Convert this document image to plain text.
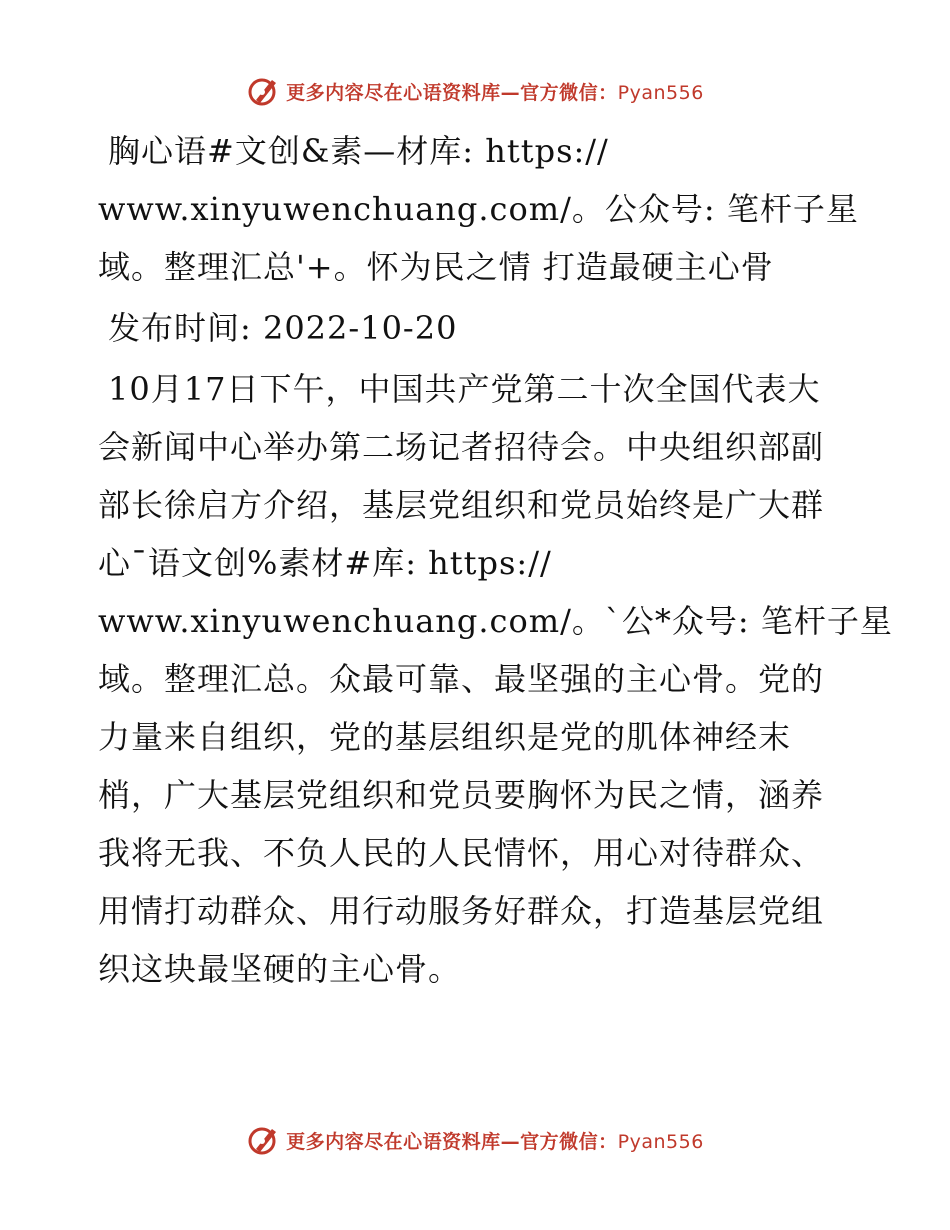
更多内容尽在心语资料库—官方微信：Pyan556
胸心语#文创&素—材库: https://
www.xinyuwenchuang.com/。公众号: 笔杆子星
域。整理汇总'+。怀为民之情 打造最硬主心骨
发布时间: 2022-10-20
10月17日下午，中国共产党第二十次全国代表大
会新闻中心举办第二场记者招待会。中央组织部副
部长徐启方介绍，基层党组织和党员始终是广大群
心¯语文创%素材#库: https://
www.xinyuwenchuang.com/。`公*众号: 笔杆子星
域。整理汇总。众最可靠、最坚强的主心骨。党的
力量来自组织，党的基层组织是党的肌体神经末
梢，广大基层党组织和党员要胸怀为民之情，涵养
我将无我、不负人民的人民情怀，用心对待群众、
用情打动群众、用行动服务好群众，打造基层党组
织这块最坚硬的主心骨。
更多内容尽在心语资料库—官方微信：Pyan556
